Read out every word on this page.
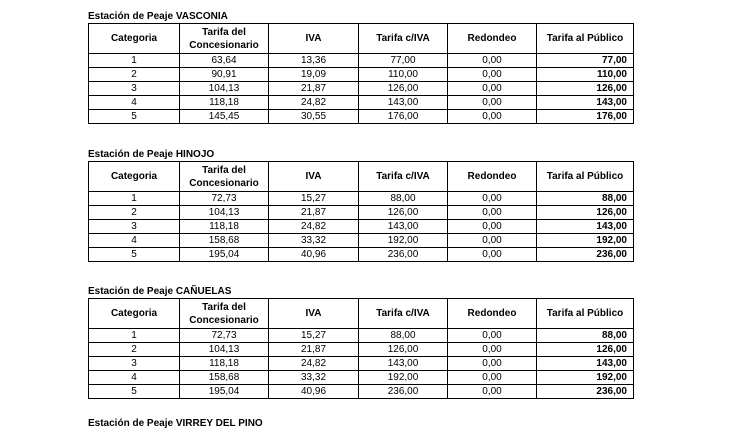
Estación de Peaje VASCONIA
Categoria	Tarifa del Concesionario	IVA	Tarifa c/IVA	Redondeo	Tarifa al Público
1	63,64	13,36	77,00	0,00	77,00
2	90,91	19,09	110,00	0,00	110,00
3	104,13	21,87	126,00	0,00	126,00
4	118,18	24,82	143,00	0,00	143,00
5	145,45	30,55	176,00	0,00	176,00
Estación de Peaje HINOJO
Categoria	Tarifa del Concesionario	IVA	Tarifa c/IVA	Redondeo	Tarifa al Público
1	72,73	15,27	88,00	0,00	88,00
2	104,13	21,87	126,00	0,00	126,00
3	118,18	24,82	143,00	0,00	143,00
4	158,68	33,32	192,00	0,00	192,00
5	195,04	40,96	236,00	0,00	236,00
Estación de Peaje CAÑUELAS
Categoria	Tarifa del Concesionario	IVA	Tarifa c/IVA	Redondeo	Tarifa al Público
1	72,73	15,27	88,00	0,00	88,00
2	104,13	21,87	126,00	0,00	126,00
3	118,18	24,82	143,00	0,00	143,00
4	158,68	33,32	192,00	0,00	192,00
5	195,04	40,96	236,00	0,00	236,00
Estación de Peaje VIRREY DEL PINO
